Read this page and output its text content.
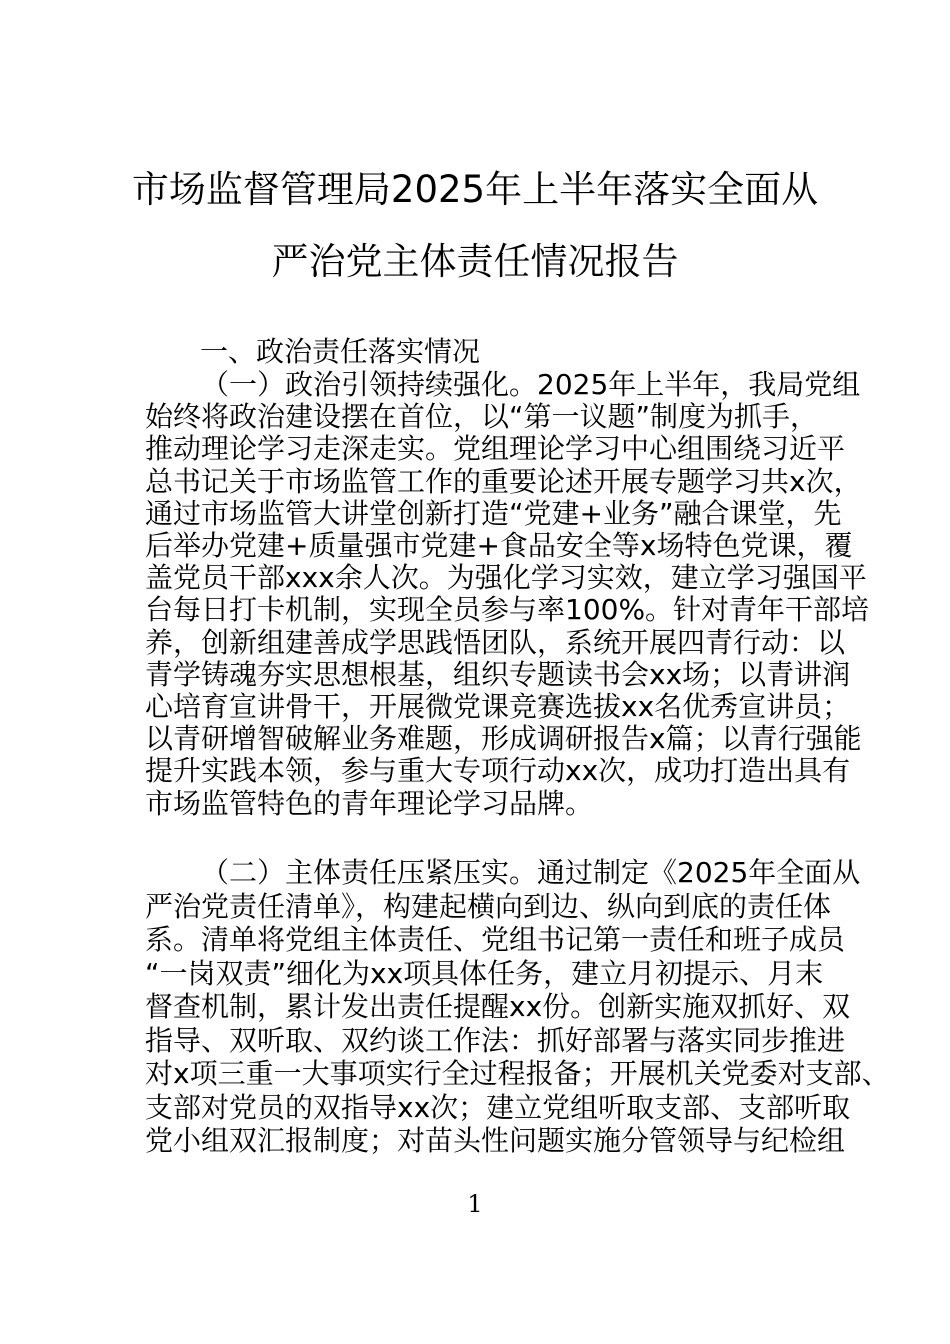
市场监督管理局2025年上半年落实全面从
严治党主体责任情况报告
一、政治责任落实情况
（一）政治引领持续强化。2025年上半年，我局党组
始终将政治建设摆在首位，以“第一议题”制度为抓手，
推动理论学习走深走实。党组理论学习中心组围绕习近平
总书记关于市场监管工作的重要论述开展专题学习共x次，
通过市场监管大讲堂创新打造“党建+业务”融合课堂，先
后举办党建+质量强市党建+食品安全等x场特色党课，覆
盖党员干部xxx余人次。为强化学习实效，建立学习强国平
台每日打卡机制，实现全员参与率100%。针对青年干部培
养，创新组建善成学思践悟团队，系统开展四青行动：以
青学铸魂夯实思想根基，组织专题读书会xx场；以青讲润
心培育宣讲骨干，开展微党课竞赛选拔xx名优秀宣讲员；
以青研增智破解业务难题，形成调研报告x篇；以青行强能
提升实践本领，参与重大专项行动xx次，成功打造出具有
市场监管特色的青年理论学习品牌。
（二）主体责任压紧压实。通过制定《2025年全面从
严治党责任清单》，构建起横向到边、纵向到底的责任体
系。清单将党组主体责任、党组书记第一责任和班子成员
“一岗双责”细化为xx项具体任务，建立月初提示、月末
督查机制，累计发出责任提醒xx份。创新实施双抓好、双
指导、双听取、双约谈工作法：抓好部署与落实同步推进
对x项三重一大事项实行全过程报备；开展机关党委对支部、
支部对党员的双指导xx次；建立党组听取支部、支部听取
党小组双汇报制度；对苗头性问题实施分管领导与纪检组
1
